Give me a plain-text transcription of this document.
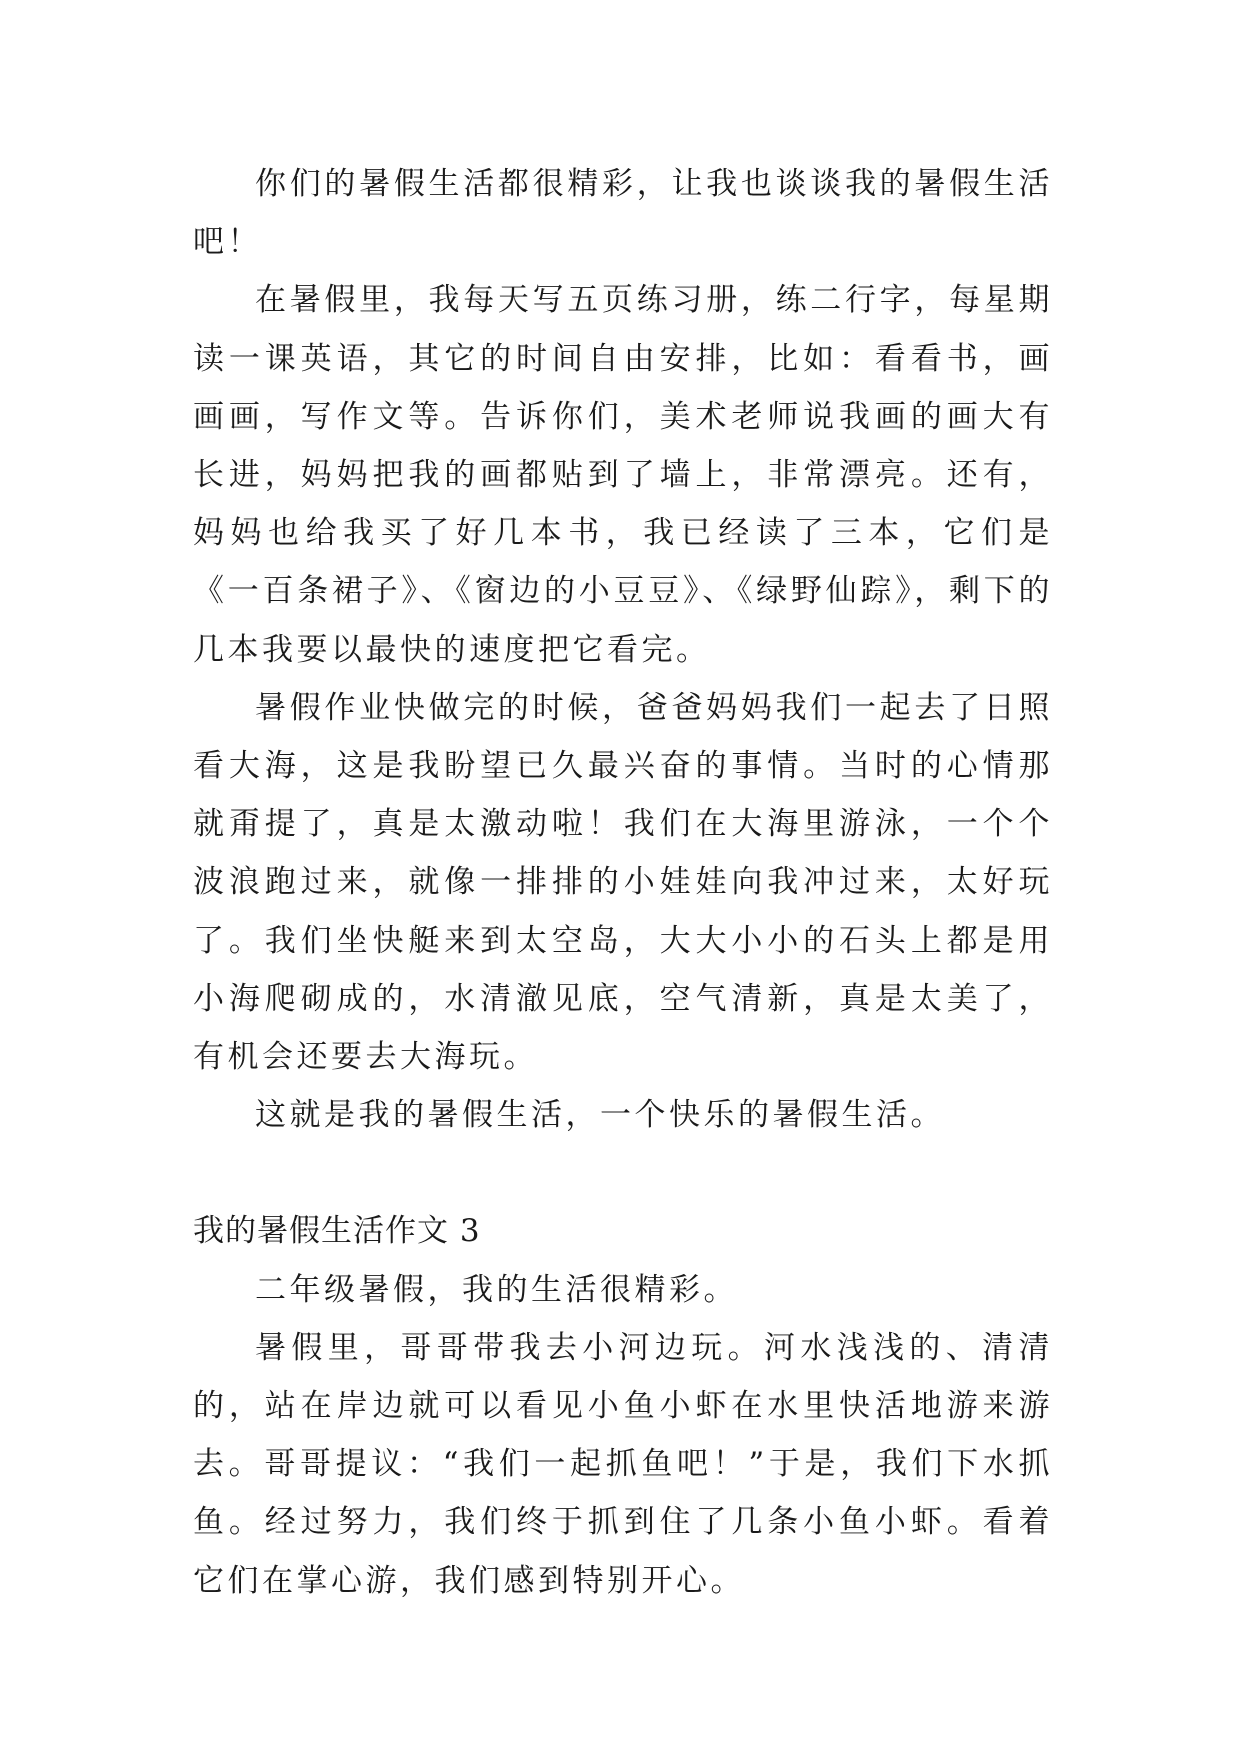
你们的暑假生活都很精彩，让我也谈谈我的暑假生活吧！

在暑假里，我每天写五页练习册，练二行字，每星期读一课英语，其它的时间自由安排，比如：看看书，画画画，写作文等。告诉你们，美术老师说我画的画大有长进，妈妈把我的画都贴到了墙上，非常漂亮。还有，妈妈也给我买了好几本书，我已经读了三本，它们是《一百条裙子》、《窗边的小豆豆》、《绿野仙踪》，剩下的几本我要以最快的速度把它看完。

暑假作业快做完的时候，爸爸妈妈我们一起去了日照看大海，这是我盼望已久最兴奋的事情。当时的心情那就甭提了，真是太激动啦！我们在大海里游泳，一个个波浪跑过来，就像一排排的小娃娃向我冲过来，太好玩了。我们坐快艇来到太空岛，大大小小的石头上都是用小海爬砌成的，水清澈见底，空气清新，真是太美了，有机会还要去大海玩。

这就是我的暑假生活，一个快乐的暑假生活。

我的暑假生活作文 3

二年级暑假，我的生活很精彩。

暑假里，哥哥带我去小河边玩。河水浅浅的、清清的，站在岸边就可以看见小鱼小虾在水里快活地游来游去。哥哥提议：“我们一起抓鱼吧！”于是，我们下水抓鱼。经过努力，我们终于抓到住了几条小鱼小虾。看着它们在掌心游，我们感到特别开心。
